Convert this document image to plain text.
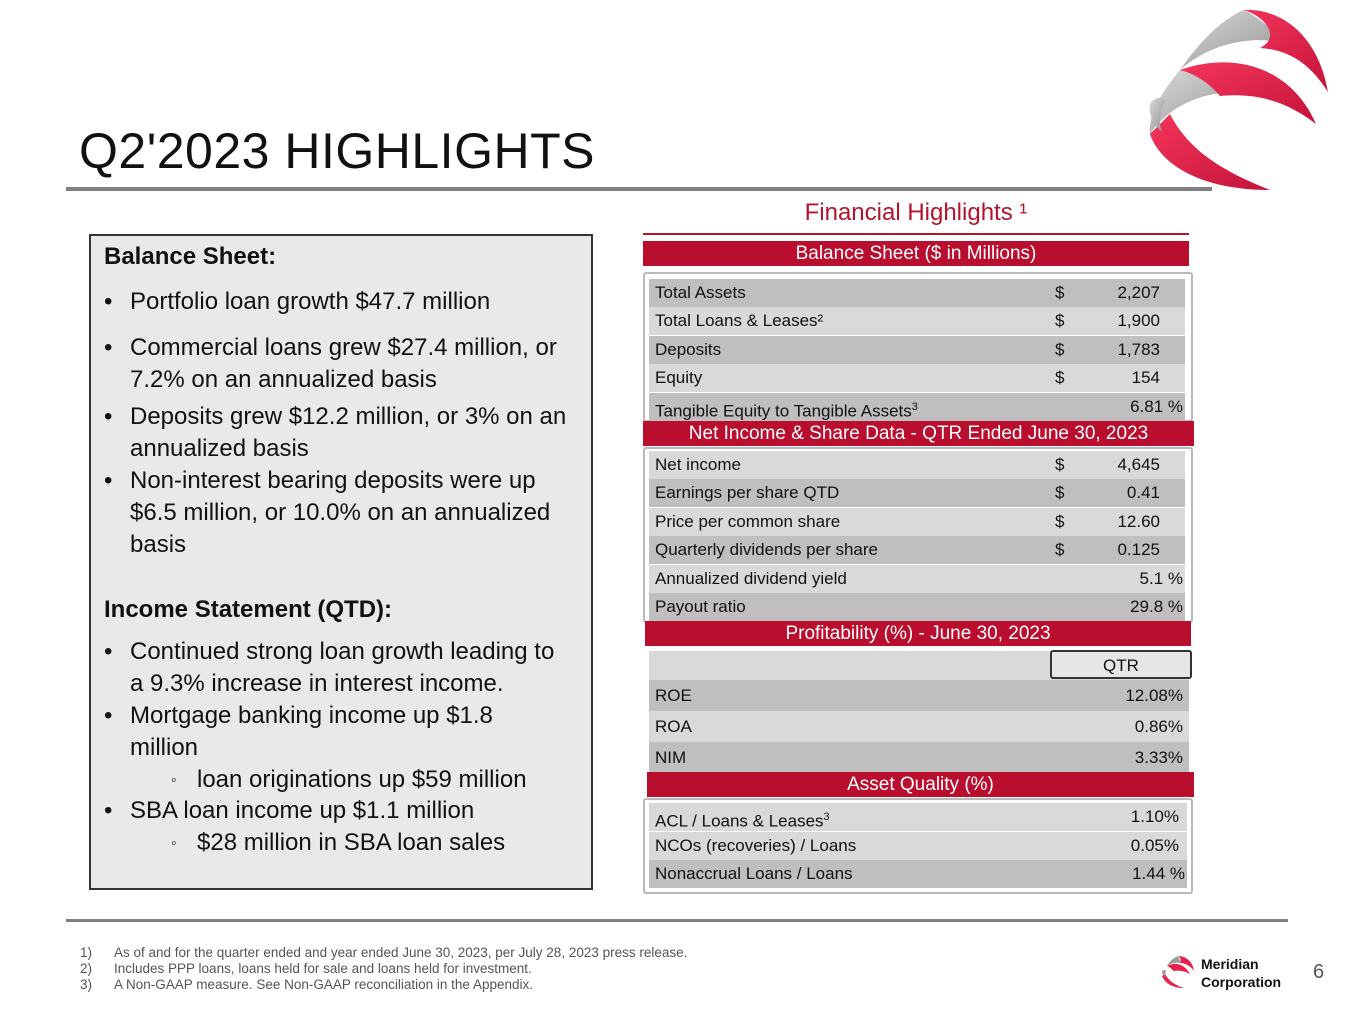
Q2'2023 HIGHLIGHTS
Balance Sheet:
• Portfolio loan growth $47.7 million
• Commercial loans grew $27.4 million, or 7.2% on an annualized basis
• Deposits grew $12.2 million, or 3% on an annualized basis
• Non-interest bearing deposits were up $6.5 million, or 10.0% on an annualized basis
Income Statement (QTD):
• Continued strong loan growth leading to a 9.3% increase in interest income.
• Mortgage banking income up $1.8 million
◦ loan originations up $59 million
• SBA loan income up $1.1 million
◦ $28 million in SBA loan sales
Financial Highlights ¹
Balance Sheet ($ in Millions)
Total Assets	$	2,207
Total Loans & Leases²	$	1,900
Deposits	$	1,783
Equity	$	154
Tangible Equity to Tangible Assets$^3$	6.81 %
Net Income & Share Data - QTR Ended June 30, 2023
Net income	$	4,645
Earnings per share QTD	$	0.41
Price per common share	$	12.60
Quarterly dividends per share	$	0.125
Annualized dividend yield	5.1 %
Payout ratio	29.8 %
Profitability (%) - June 30, 2023
QTR
ROE	12.08%
ROA	0.86%
NIM	3.33%
Asset Quality (%)
ACL / Loans & Leases$^3$	1.10%
NCOs (recoveries) / Loans	0.05%
Nonaccrual Loans / Loans	1.44 %
1) As of and for the quarter ended and year ended June 30, 2023, per July 28, 2023 press release.
2) Includes PPP loans, loans held for sale and loans held for investment.
3) A Non-GAAP measure. See Non-GAAP reconciliation in the Appendix.
Meridian
Corporation 6
